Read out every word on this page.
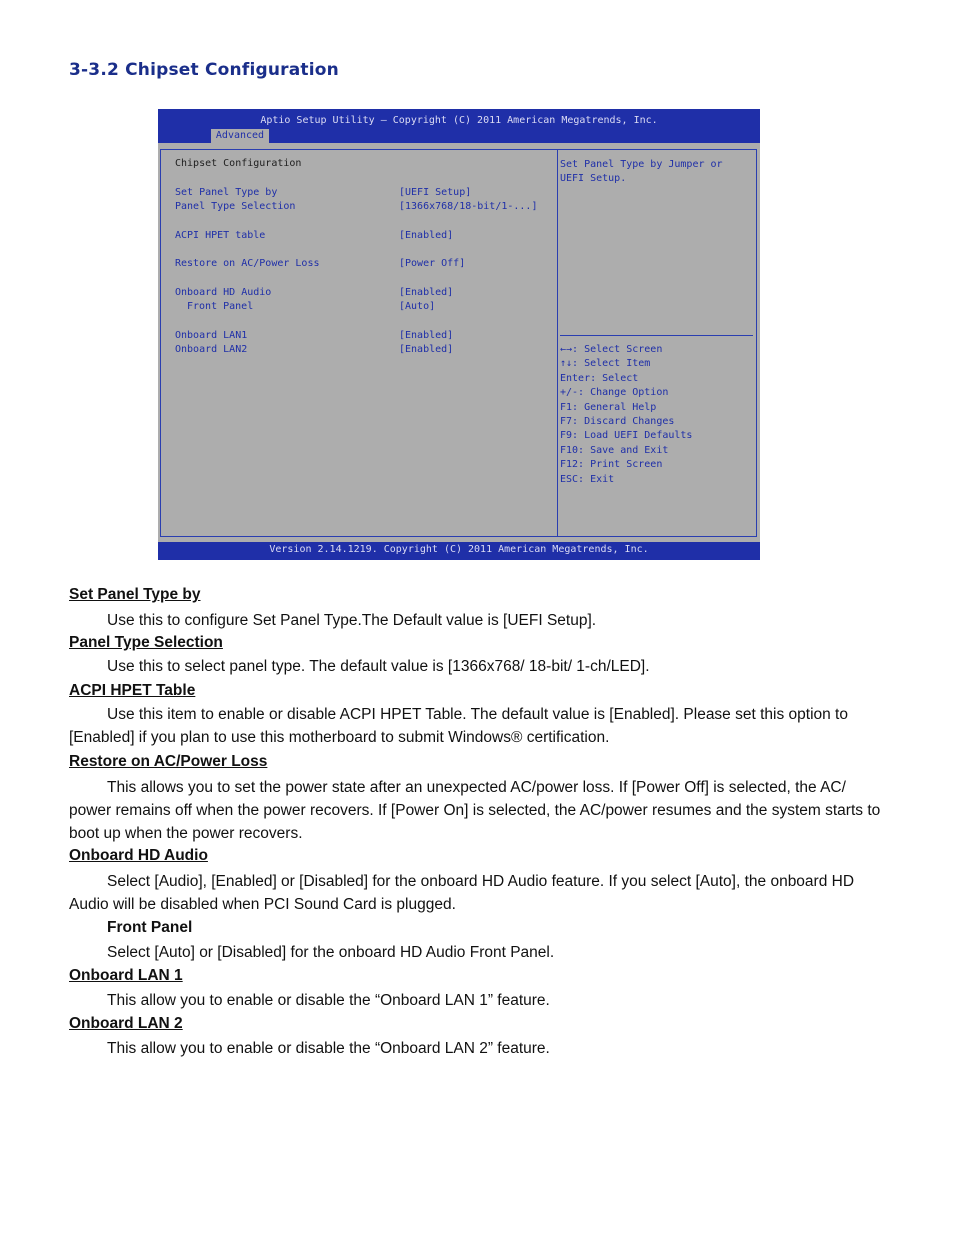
3-3.2 Chipset Configuration
Aptio Setup Utility – Copyright (C) 2011 American Megatrends, Inc.
Advanced
Chipset Configuration
Set Panel Type by	[UEFI Setup]
Panel Type Selection	[1366x768/18-bit/1-...]
ACPI HPET table	[Enabled]
Restore on AC/Power Loss	[Power Off]
Onboard HD Audio	[Enabled]
Front Panel	[Auto]
Onboard LAN1	[Enabled]
Onboard LAN2	[Enabled]
Set Panel Type by Jumper or UEFI Setup.
←→: Select Screen
↑↓: Select Item
Enter: Select
+/-: Change Option
F1: General Help
F7: Discard Changes
F9: Load UEFI Defaults
F10: Save and Exit
F12: Print Screen
ESC: Exit
Version 2.14.1219. Copyright (C) 2011 American Megatrends, Inc.
Set Panel Type by
Use this to configure Set Panel Type.The Default value is [UEFI Setup].
Panel Type Selection
Use this to select panel type. The default value is [1366x768/ 18-bit/ 1-ch/LED].
ACPI HPET Table
Use this item to enable or disable ACPI HPET Table. The default value is [Enabled]. Please set this option to [Enabled] if you plan to use this motherboard to submit Windows® certification.
Restore on AC/Power Loss
This allows you to set the power state after an unexpected AC/power loss. If [Power Off] is selected, the AC/ power remains off when the power recovers. If [Power On] is selected, the AC/power resumes and the system starts to boot up when the power recovers.
Onboard HD Audio
Select [Audio], [Enabled] or [Disabled] for the onboard HD Audio feature. If you select [Auto], the onboard HD Audio will be disabled when PCI Sound Card is plugged.
Front Panel
Select [Auto] or [Disabled] for the onboard HD Audio Front Panel.
Onboard LAN 1
This allow you to enable or disable the “Onboard LAN 1” feature.
Onboard LAN 2
This allow you to enable or disable the “Onboard LAN 2” feature.
